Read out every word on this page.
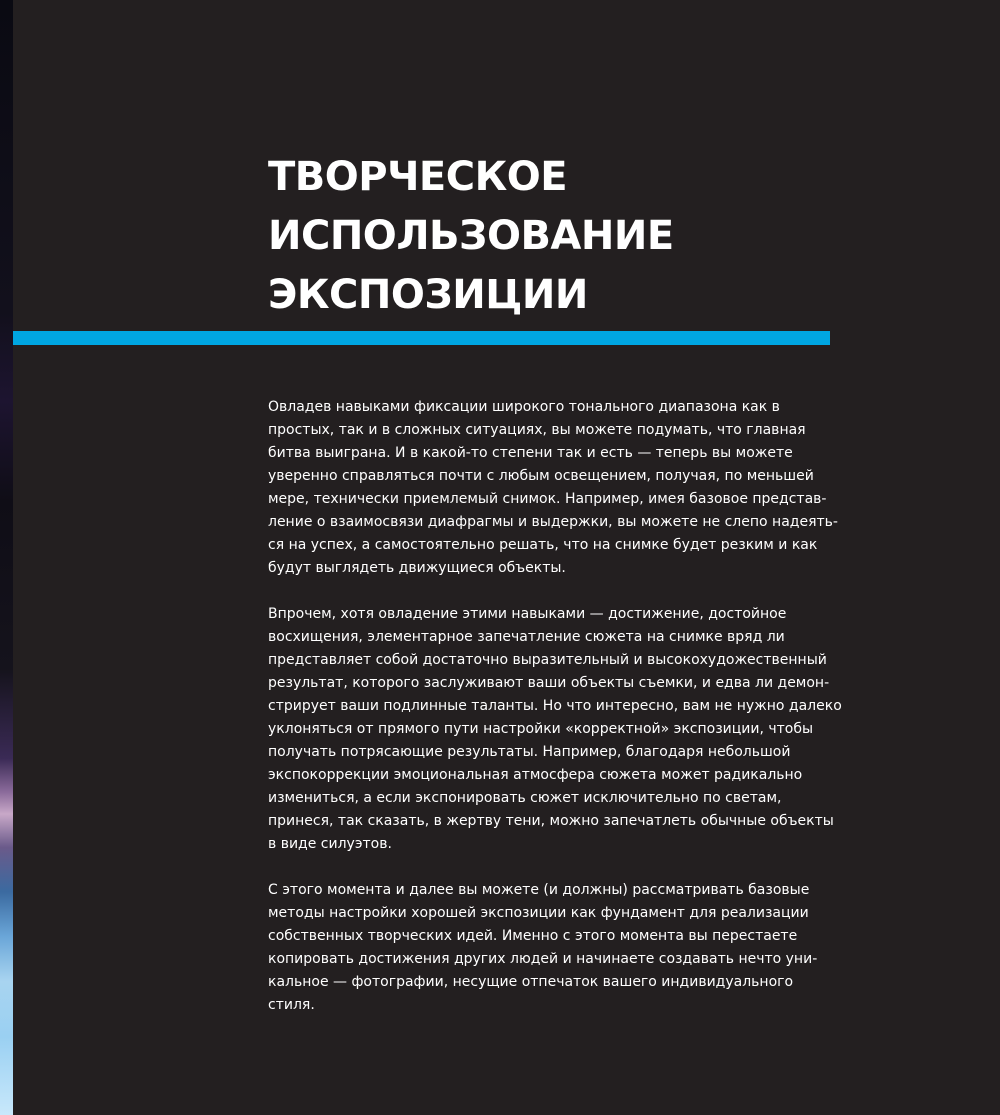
ТВОРЧЕСКОЕ
ИСПОЛЬЗОВАНИЕ
ЭКСПОЗИЦИИ

Овладев навыками фиксации широкого тонального диапазона как в
простых, так и в сложных ситуациях, вы можете подумать, что главная
битва выиграна. И в какой-то степени так и есть — теперь вы можете
уверенно справляться почти с любым освещением, получая, по меньшей
мере, технически приемлемый снимок. Например, имея базовое представ-
ление о взаимосвязи диафрагмы и выдержки, вы можете не слепо надеять-
ся на успех, а самостоятельно решать, что на снимке будет резким и как
будут выглядеть движущиеся объекты.

Впрочем, хотя овладение этими навыками — достижение, достойное
восхищения, элементарное запечатление сюжета на снимке вряд ли
представляет собой достаточно выразительный и высокохудожественный
результат, которого заслуживают ваши объекты съемки, и едва ли демон-
стрирует ваши подлинные таланты. Но что интересно, вам не нужно далеко
уклоняться от прямого пути настройки «корректной» экспозиции, чтобы
получать потрясающие результаты. Например, благодаря небольшой
экспокоррекции эмоциональная атмосфера сюжета может радикально
измениться, а если экспонировать сюжет исключительно по светам,
принеся, так сказать, в жертву тени, можно запечатлеть обычные объекты
в виде силуэтов.

С этого момента и далее вы можете (и должны) рассматривать базовые
методы настройки хорошей экспозиции как фундамент для реализации
собственных творческих идей. Именно с этого момента вы перестаете
копировать достижения других людей и начинаете создавать нечто уни-
кальное — фотографии, несущие отпечаток вашего индивидуального
стиля.
